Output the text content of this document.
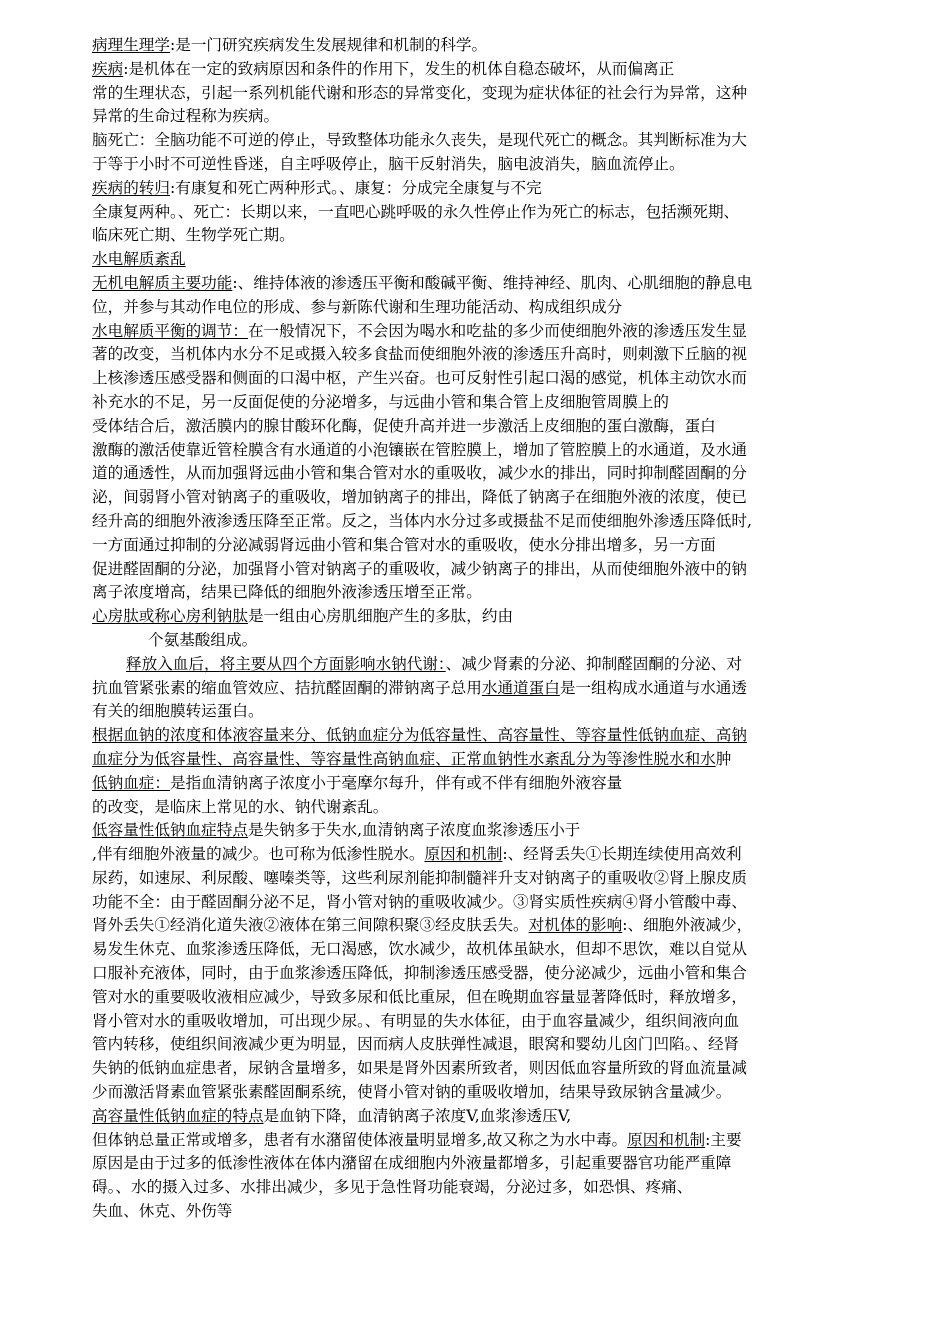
病理生理学:是一门研究疾病发生发展规律和机制的科学。
疾病:是机体在一定的致病原因和条件的作用下，发生的机体自稳态破坏，从而偏离正
常的生理状态，引起一系列机能代谢和形态的异常变化，变现为症状体征的社会行为异常，这种
异常的生命过程称为疾病。
脑死亡：全脑功能不可逆的停止，导致整体功能永久丧失，是现代死亡的概念。其判断标准为大
于等于小时不可逆性昏迷，自主呼吸停止，脑干反射消失，脑电波消失，脑血流停止。
疾病的转归:有康复和死亡两种形式。、康复：分成完全康复与不完
全康复两种。、死亡：长期以来，一直吧心跳呼吸的永久性停止作为死亡的标志，包括濒死期、
临床死亡期、生物学死亡期。
水电解质紊乱
无机电解质主要功能:、维持体液的渗透压平衡和酸碱平衡、维持神经、肌肉、心肌细胞的静息电
位，并参与其动作电位的形成、参与新陈代谢和生理功能活动、构成组织成分
水电解质平衡的调节：在一般情况下，不会因为喝水和吃盐的多少而使细胞外液的渗透压发生显
著的改变，当机体内水分不足或摄入较多食盐而使细胞外液的渗透压升高时，则刺激下丘脑的视
上核渗透压感受器和侧面的口渴中枢，产生兴奋。也可反射性引起口渴的感觉，机体主动饮水而
补充水的不足，另一反面促使的分泌增多，与远曲小管和集合管上皮细胞管周膜上的
受体结合后，激活膜内的腺甘酸环化酶，促使升高并进一步激活上皮细胞的蛋白激酶，蛋白
激酶的激活使靠近管栓膜含有水通道的小泡镶嵌在管腔膜上，增加了管腔膜上的水通道，及水通
道的通透性，从而加强肾远曲小管和集合管对水的重吸收，减少水的排出，同时抑制醛固酮的分
泌，间弱肾小管对钠离子的重吸收，增加钠离子的排出，降低了钠离子在细胞外液的浓度，使已
经升高的细胞外液渗透压降至正常。反之，当体内水分过多或摄盐不足而使细胞外渗透压降低时,
一方面通过抑制的分泌减弱肾远曲小管和集合管对水的重吸收，使水分排出增多，另一方面
促进醛固酮的分泌，加强肾小管对钠离子的重吸收，减少钠离子的排出，从而使细胞外液中的钠
离子浓度增高，结果已降低的细胞外液渗透压增至正常。
心房肽或称心房利钠肽是一组由心房肌细胞产生的多肽，约由
个氨基酸组成。
释放入血后，将主要从四个方面影响水钠代谢：、减少肾素的分泌、抑制醛固酮的分泌、对
抗血管紧张素的缩血管效应、拮抗醛固酮的滞钠离子总用水通道蛋白是一组构成水通道与水通透
有关的细胞膜转运蛋白。
根据血钠的浓度和体液容量来分、低钠血症分为低容量性、高容量性、等容量性低钠血症、高钠
血症分为低容量性、高容量性、等容量性高钠血症、正常血钠性水紊乱分为等渗性脱水和水肿
低钠血症：是指血清钠离子浓度小于毫摩尔每升，伴有或不伴有细胞外液容量
的改变，是临床上常见的水、钠代谢紊乱。
低容量性低钠血症特点是失钠多于失水,血清钠离子浓度血浆渗透压小于
,伴有细胞外液量的减少。也可称为低渗性脱水。原因和机制:、经肾丢失①长期连续使用高效利
尿药，如速尿、利尿酸、噻嗪类等，这些利尿剂能抑制髓袢升支对钠离子的重吸收②肾上腺皮质
功能不全：由于醛固酮分泌不足，肾小管对钠的重吸收减少。③肾实质性疾病④肾小管酸中毒、
肾外丢失①经消化道失液②液体在第三间隙积聚③经皮肤丢失。对机体的影响:、细胞外液减少，
易发生休克、血浆渗透压降低，无口渴感，饮水减少，故机体虽缺水，但却不思饮，难以自觉从
口服补充液体，同时，由于血浆渗透压降低，抑制渗透压感受器，使分泌减少，远曲小管和集合
管对水的重要吸收液相应减少，导致多尿和低比重尿，但在晚期血容量显著降低时，释放增多，
肾小管对水的重吸收增加，可出现少尿。、有明显的失水体征，由于血容量减少，组织间液向血
管内转移，使组织间液减少更为明显，因而病人皮肤弹性减退，眼窝和婴幼儿囟门凹陷。、经肾
失钠的低钠血症患者，尿钠含量增多，如果是肾外因素所致者，则因低血容量所致的肾血流量减
少而激活肾素血管紧张素醛固酮系统，使肾小管对钠的重吸收增加，结果导致尿钠含量减少。
高容量性低钠血症的特点是血钠下降，血清钠离子浓度V,血浆渗透压V,
但体钠总量正常或增多，患者有水潴留使体液量明显增多,故又称之为水中毒。原因和机制:主要
原因是由于过多的低渗性液体在体内潴留在成细胞内外液量都增多，引起重要器官功能严重障
碍。、水的摄入过多、水排出减少，多见于急性肾功能衰竭，分泌过多，如恐惧、疼痛、
失血、休克、外伤等
